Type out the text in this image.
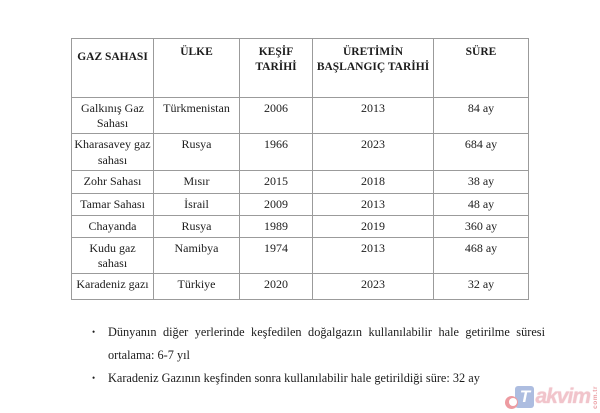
GAZ SAHASI	ÜLKE	KEŞİF TARİHİ	ÜRETİMİN BAŞLANGIÇ TARİHİ	SÜRE
Galkınış Gaz Sahası	Türkmenistan	2006	2013	84 ay
Kharasavey gaz sahası	Rusya	1966	2023	684 ay
Zohr Sahası	Mısır	2015	2018	38 ay
Tamar Sahası	İsrail	2009	2013	48 ay
Chayanda	Rusya	1989	2019	360 ay
Kudu gaz sahası	Namibya	1974	2013	468 ay
Karadeniz gazı	Türkiye	2020	2023	32 ay
•	Dünyanın diğer yerlerinde keşfedilen doğalgazın kullanılabilir hale getirilme süresi ortalama: 6-7 yıl
•	Karadeniz Gazının keşfinden sonra kullanılabilir hale getirildiği süre: 32 ay
T akvim com.tr
